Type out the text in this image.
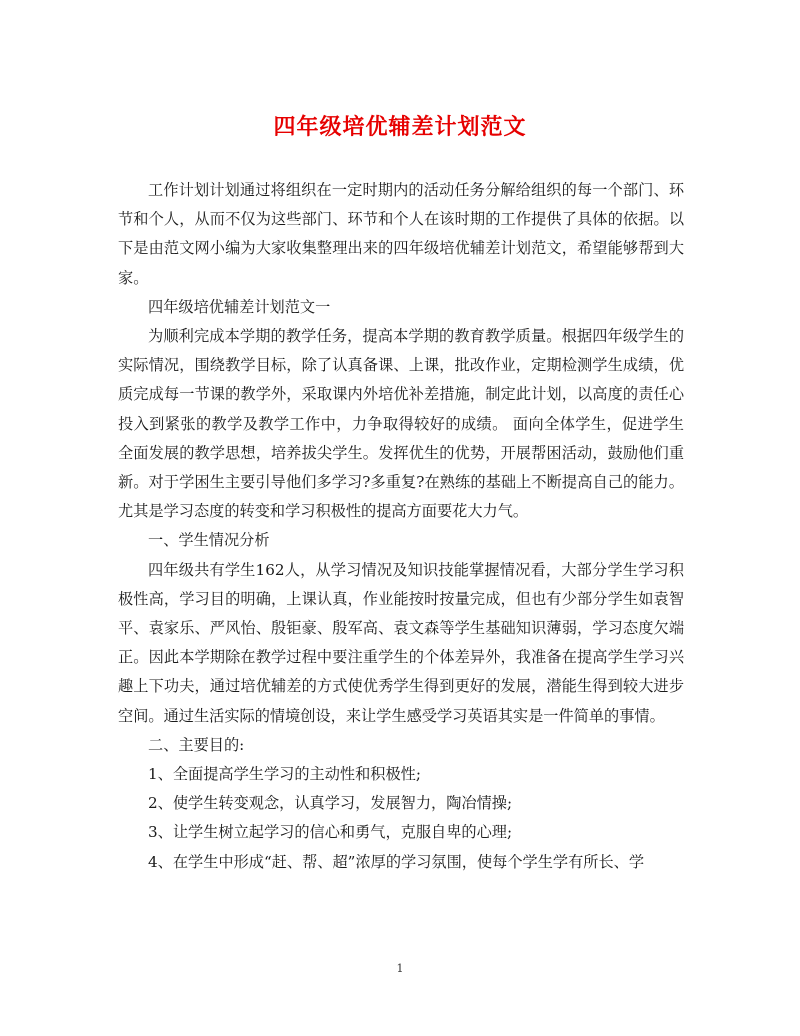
四年级培优辅差计划范文

工作计划计划通过将组织在一定时期内的活动任务分解给组织的每一个部门、环节和个人，从而不仅为这些部门、环节和个人在该时期的工作提供了具体的依据。以下是由范文网小编为大家收集整理出来的四年级培优辅差计划范文，希望能够帮到大家。

四年级培优辅差计划范文一

为顺利完成本学期的教学任务，提高本学期的教育教学质量。根据四年级学生的实际情况，围绕教学目标，除了认真备课、上课，批改作业，定期检测学生成绩，优质完成每一节课的教学外，采取课内外培优补差措施，制定此计划，以高度的责任心投入到紧张的教学及教学工作中，力争取得较好的成绩。 面向全体学生，促进学生全面发展的教学思想，培养拔尖学生。发挥优生的优势，开展帮困活动，鼓励他们重新。对于学困生主要引导他们多学习?多重复?在熟练的基础上不断提高自己的能力。尤其是学习态度的转变和学习积极性的提高方面要花大力气。

一、学生情况分析

四年级共有学生162人，从学习情况及知识技能掌握情况看，大部分学生学习积极性高，学习目的明确，上课认真，作业能按时按量完成，但也有少部分学生如袁智平、袁家乐、严风怡、殷钜豪、殷军高、袁文森等学生基础知识薄弱，学习态度欠端正。因此本学期除在教学过程中要注重学生的个体差异外，我准备在提高学生学习兴趣上下功夫，通过培优辅差的方式使优秀学生得到更好的发展，潜能生得到较大进步空间。通过生活实际的情境创设，来让学生感受学习英语其实是一件简单的事情。

二、主要目的:

1、全面提高学生学习的主动性和积极性;

2、使学生转变观念，认真学习，发展智力，陶冶情操;

3、让学生树立起学习的信心和勇气，克服自卑的心理;

4、在学生中形成“赶、帮、超”浓厚的学习氛围，使每个学生学有所长、学

1
